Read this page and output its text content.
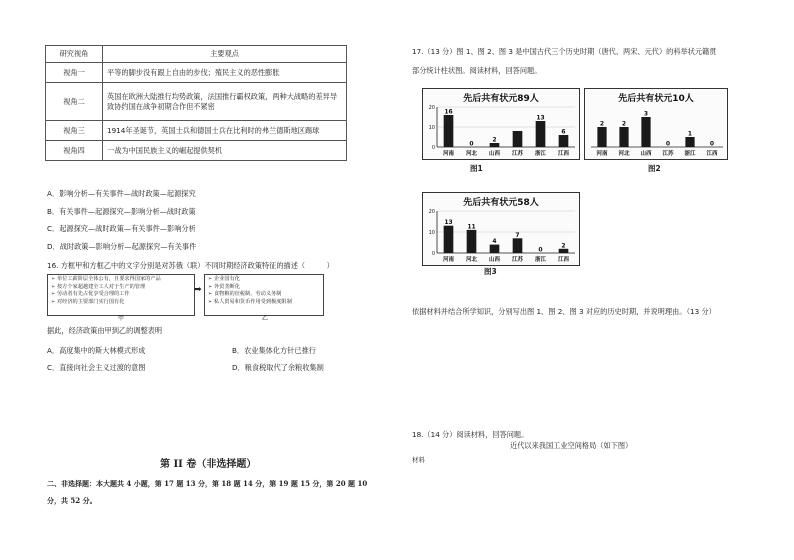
研究视角	主要观点
视角一	平等的脚步没有跟上自由的步伐；殖民主义的恶性膨胀
视角二	英国在欧洲大陆推行均势政策，法国推行霸权政策，两种大战略的差异导致协约国在战争初期合作但不紧密
视角三	1914年圣诞节，英国士兵和德国士兵在比利时的弗兰德斯地区踢球
视角四	一战为中国民族主义的崛起提供契机
A．影响分析—有关事件—战时政策—起源探究
B．有关事件—起源探究—影响分析—战时政策
C．起源探究—战时政策—有关事件—影响分析
D．战时政策—影响分析—起源探究—有关事件
16. 方框甲和方框乙中的文字分别是对苏俄（联）不同时期经济政策特征的描述（　　　）
➢ 单位工薪阶层全体公有，且要求得国家的产品
➢ 按方个家超越建全工人对于生产的管理
➢ 劳动者有先占优享受合理的工作
➢ 对经济的主要部门实行国有化
➡
➢ 企业国有化
➢ 外贸垄断化
➢ 食物粮的征税制、劳动义务制
➢ 私人贸易和货币作用受到极度限制
甲	乙
据此，经济政策由甲到乙的调整表明
A．高度集中的斯大林模式形成	B．农业集体化方针已推行
C．直接向社会主义过渡的意图	D．粮食税取代了余粮收集制
第 II 卷（非选择题）
二、非选择题：本大题共 4 小题，第 17 题 13 分，第 18 题 14 分，第 19 题 15 分，第 20 题 10
分，共 52 分。
17.（13 分）图 1、图 2、图 3 是中国古代三个历史时期（唐代、两宋、元代）的科举状元籍贯
部分统计柱状图。阅读材料，回答问题。
先后共有状元89人
0
10
20
16
河南
0
河北
2
山西 江苏
13
浙江
6
江西
图1
先后共有状元10人
2
河南
2
河北
3
山西
0
江苏
1
浙江
0
江西
图2
先后共有状元58人
0
10
20
13
河南
11
河北
4
山西
7
江苏
0
浙江
2
江西
图3
依据材料并结合所学知识，分别写出图 1、图 2、图 3 对应的历史时期，并说明理由。（13 分）
18.（14 分）阅读材料，回答问题。
近代以来我国工业空间格局（如下图）
材料
